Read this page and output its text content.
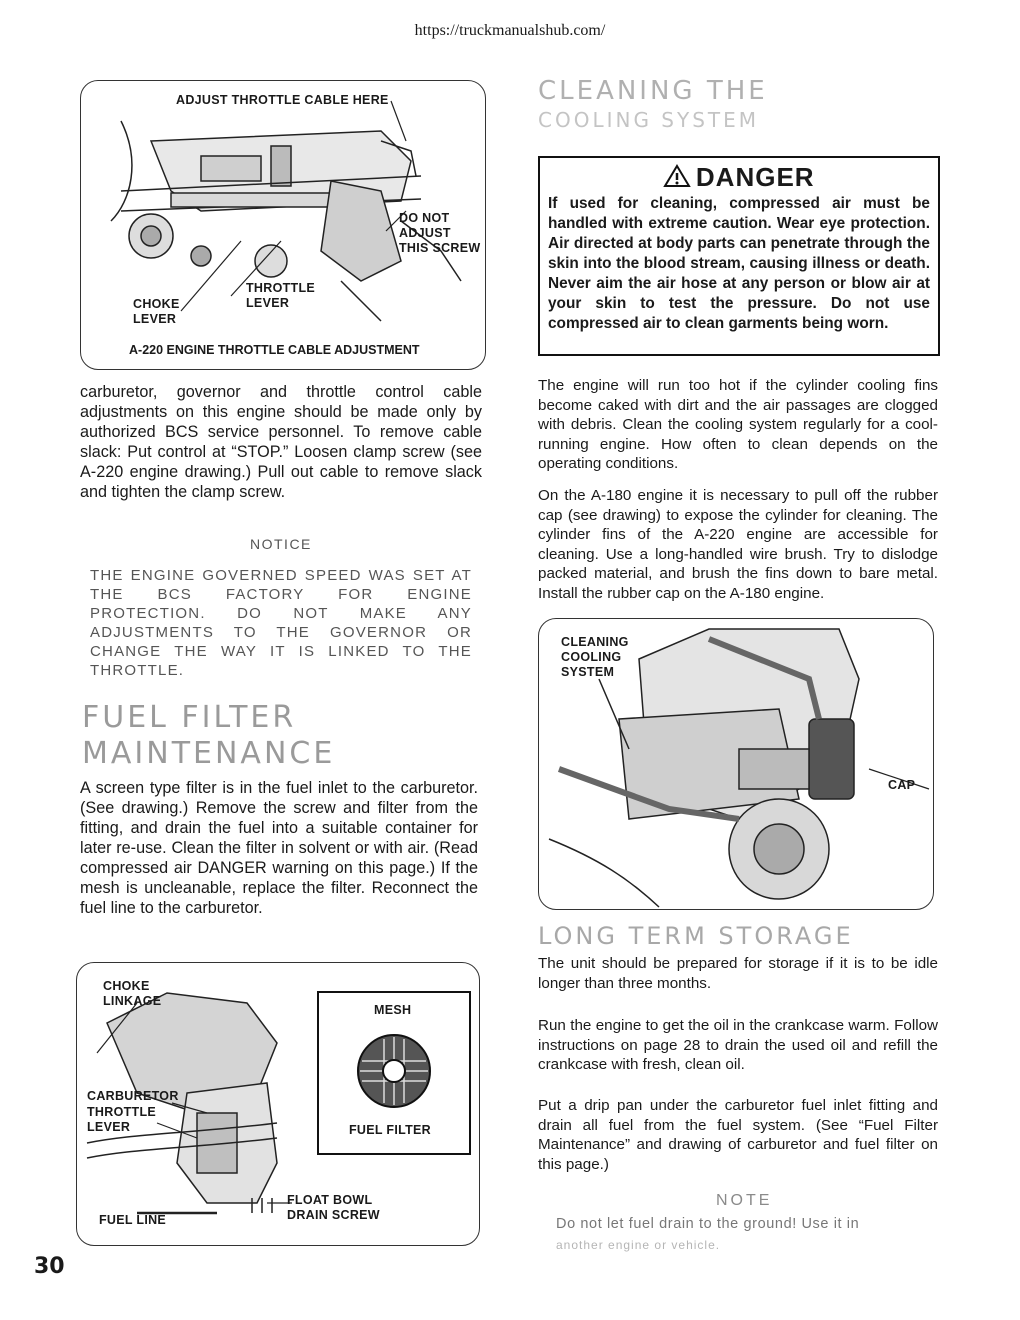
https://truckmanualshub.com/
ADJUST THROTTLE CABLE HERE
DO NOT
ADJUST
THIS SCREW
THROTTLE
LEVER
CHOKE
LEVER
A-220 ENGINE THROTTLE CABLE ADJUSTMENT
carburetor, governor and throttle control cable adjustments on this engine should be made only by authorized BCS service personnel. To remove cable slack: Put control at “STOP.” Loosen clamp screw (see A-220 engine drawing.) Pull out cable to remove slack and tighten the clamp screw.
NOTICE
THE ENGINE GOVERNED SPEED WAS SET AT THE BCS FACTORY FOR ENGINE PROTECTION. DO NOT MAKE ANY ADJUSTMENTS TO THE GOVERNOR OR CHANGE THE WAY IT IS LINKED TO THE THROTTLE.
FUEL FILTER
MAINTENANCE
A screen type filter is in the fuel inlet to the carburetor. (See drawing.) Remove the screw and filter from the fitting, and drain the fuel into a suitable container for later re-use. Clean the filter in solvent or with air. (Read compressed air DANGER warning on this page.) If the mesh is uncleanable, replace the filter. Reconnect the fuel line to the carburetor.
MESH
FUEL FILTER
CHOKE
LINKAGE
CARBURETOR
THROTTLE
LEVER
FUEL LINE
FLOAT BOWL
DRAIN SCREW
30
CLEANING THE
COOLING SYSTEM
DANGER
If used for cleaning, compressed air must be handled with extreme caution. Wear eye protection. Air directed at body parts can penetrate through the skin into the blood stream, causing illness or death. Never aim the air hose at any person or blow air at your skin to test the pressure. Do not use compressed air to clean garments being worn.
The engine will run too hot if the cylinder cooling fins become caked with dirt and the air passages are clogged with debris. Clean the cooling system regularly for a cool-running engine. How often to clean depends on the operating conditions.
On the A-180 engine it is necessary to pull off the rubber cap (see drawing) to expose the cylinder for cleaning. The cylinder fins of the A-220 engine are accessible for cleaning. Use a long-handled wire brush. Try to dislodge packed material, and brush the fins down to bare metal. Install the rubber cap on the A-180 engine.
CLEANING
COOLING
SYSTEM
CAP
LONG TERM STORAGE
The unit should be prepared for storage if it is to be idle longer than three months.
Run the engine to get the oil in the crankcase warm. Follow instructions on page 28 to drain the used oil and refill the crankcase with fresh, clean oil.
Put a drip pan under the carburetor fuel inlet fitting and drain all fuel from the fuel system. (See “Fuel Filter Maintenance” and drawing of carburetor and fuel filter on this page.)
NOTE
Do not let fuel drain to the ground! Use it in
another engine or vehicle.
